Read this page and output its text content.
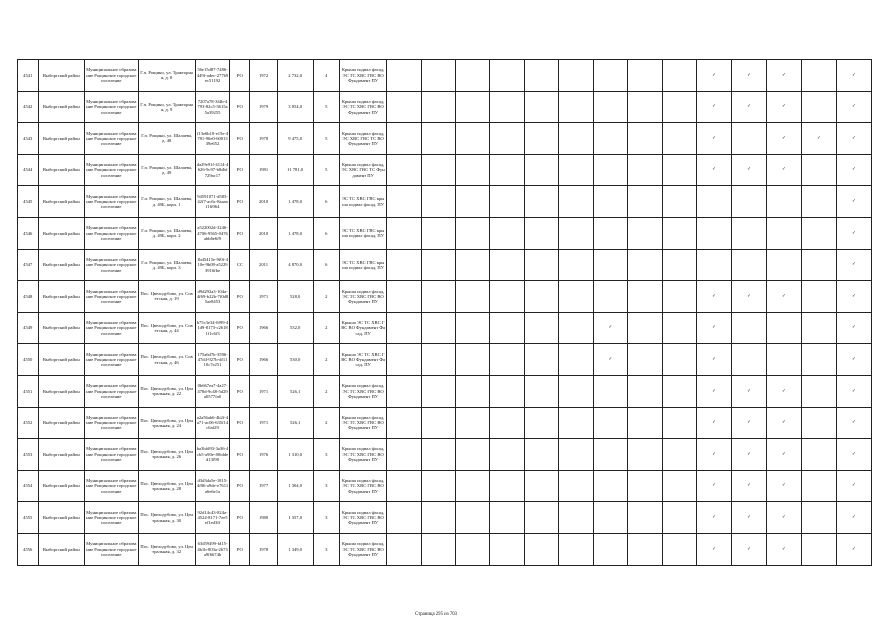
4541	Выборгский район	Муниципальное образование Рощинское городское поселение	Г.п. Рощино, ул. Тракторная, д. 8	56e15d87-7486-449f-adec-277b9ec51192	РО	1972	2 732,0	4	Крыша подвал фасад, ЭС ТС ХВС ГВС ВО Фундамент ПУ										✓	✓	✓		✓
4542	Выборгский район	Муниципальное образование Рощинское городское поселение	Г.п. Рощино, ул. Тракторная, д. 9	7207a78-3f4b-4793-82c5-3615a5a39255	РО	1979	3 054,0	5	Крыша подвал фасад, ЭС ТС ХВС ГВС ВО Фундамент ПУ										✓	✓	✓		✓
4543	Выборгский район	Муниципальное образование Рощинское городское поселение	Г.п. Рощино, ул. Шалаева, д. 48	f13e6b10-e15e-4781-96e0-6001339e652	РО	1978	9 475,0	5	Крыша подвал фасад, ЭС ХВС ГВС ТС ВО Фундамент ПУ										✓		✓	✓	✓
4544	Выборгский район	Муниципальное образование Рощинское городское поселение	Г.п. Рощино, ул. Шалаева, д. 49	da29e91f-4114-4626-9c97-b8dbf729ac17	РО	1981	11 781,0	5	Крыша подвал фасад, ЭС ХВС ГВС ТС Фундамент ПУ										✓	✓	✓		✓
4545	Выборгский район	Муниципальное образование Рощинское городское поселение	Г.п. Рощино, ул. Шалаева, д. 49Б, корп. 1	94591071-d583-42f7-ac6c-8aaaaf1ff064	РО	2010	1 478,0	6	ЭС ТС ХВС ГВС крыша подвал фасад, ПУ														✓
4546	Выборгский район	Муниципальное образование Рощинское городское поселение	Г.п. Рощино, ул. Шалаева, д. 49Б, корп. 2	a522002d-3246-4706-9565-0476abb6e6f9	РО	2010	1 478,0	6	ЭС ТС ХВС ГВС крыша подвал фасад, ПУ														✓
4547	Выборгский район	Муниципальное образование Рощинское городское поселение	Г.п. Рощино, ул. Шалаева, д. 49Б, корп. 3	1bd5415e-9f0f-410e-9b08-a52293916fbe	СС	2011	4 870,0	6	ЭС ТС ХВС ГВС крыша подвал фасад, ПУ														✓
4548	Выборгский район	Муниципальное образование Рощинское городское поселение	Пос. Цвелодубово, ул. Советская, д. 19	d9d292a3-104a-4f69-b22b-7f0d85ae8453	РО	1971	528,0	2	Крыша подвал фасад, ЭС ТС ХВС ГВС ВО Фундамент ПУ										✓	✓	✓		✓
4549	Выборгский район	Муниципальное образование Рощинское городское поселение	Пос. Цвелодубово, ул. Советская, д. 44	b75c3e34-0f99-41d9-8173-c26181f1c6f3	РО	1966	532,0	2	Крыша ЭС ТС ХВС ГВС ВО Фундамент Фасад, ПУ							✓			✓				✓
4550	Выборгский район	Муниципальное образование Рощинское городское поселение	Пос. Цвелодубово, ул. Советская, д. 46	175a6d7b-3596-47d4-927b-df1110c7e251	РО	1966	530,0	2	Крыша ЭС ТС ХВС ГВС ВО Фундамент Фасад, ПУ							✓			✓				✓
4551	Выборгский район	Муниципальное образование Рощинское городское поселение	Пос. Цвелодубово, ул. Центральная, д. 22	0b667ea7-4a27-478d-9c48-5d29a0577fa0	РО	1971	526,1	2	Крыша подвал фасад, ЭС ТС ХВС ГВС ВО Фундамент ПУ										✓	✓	✓		✓
4552	Выборгский район	Муниципальное образование Рощинское городское поселение	Пос. Цвелодубово, ул. Центральная, д. 24	a2a56ab6-4b2f-4a71-ac06-635f14c6af29	РО	1971	526,1	2	Крыша подвал фасад, ЭС ТС ХВС ГВС ВО Фундамент ПУ										✓	✓	✓		✓
4553	Выборгский район	Муниципальное образование Рощинское городское поселение	Пос. Цвелодубово, ул. Центральная, д. 26	ba3bfd93-3a36-4cb5-a90e-f06dded13f90	РО	1976	1 310,0	3	Крыша подвал фасад, ЭС ТС ХВС ГВС ВО Фундамент ПУ										✓	✓	✓		✓
4554	Выборгский район	Муниципальное образование Рощинское городское поселение	Пос. Цвелодубово, ул. Центральная, д. 28	d3d3da5e-1815-4f06-a9de-e7611a6e6e1a	РО	1977	1 304,0	3	Крыша подвал фасад, ЭС ТС ХВС ГВС ВО Фундамент ПУ										✓	✓	✓		✓
4555	Выборгский район	Муниципальное образование Рощинское городское поселение	Пос. Цвелодубово, ул. Центральная, д. 30	92d14c43-824a-4524-8171-7ee5ef1ed3ff	РО	1980	1 357,0	3	Крыша подвал фасад, ЭС ТС ХВС ГВС ВО Фундамент ПУ										✓	✓	✓		✓
4556	Выборгский район	Муниципальное образование Рощинское городское поселение	Пос. Цвелодубово, ул. Центральная, д. 32	63d59499-fd15-4b1b-803a-2673a9f6674b	РО	1978	1 349,0	3	Крыша подвал фасад, ЭС ТС ХВС ГВС ВО Фундамент ПУ										✓	✓	✓		✓
Страница 295 из 703
